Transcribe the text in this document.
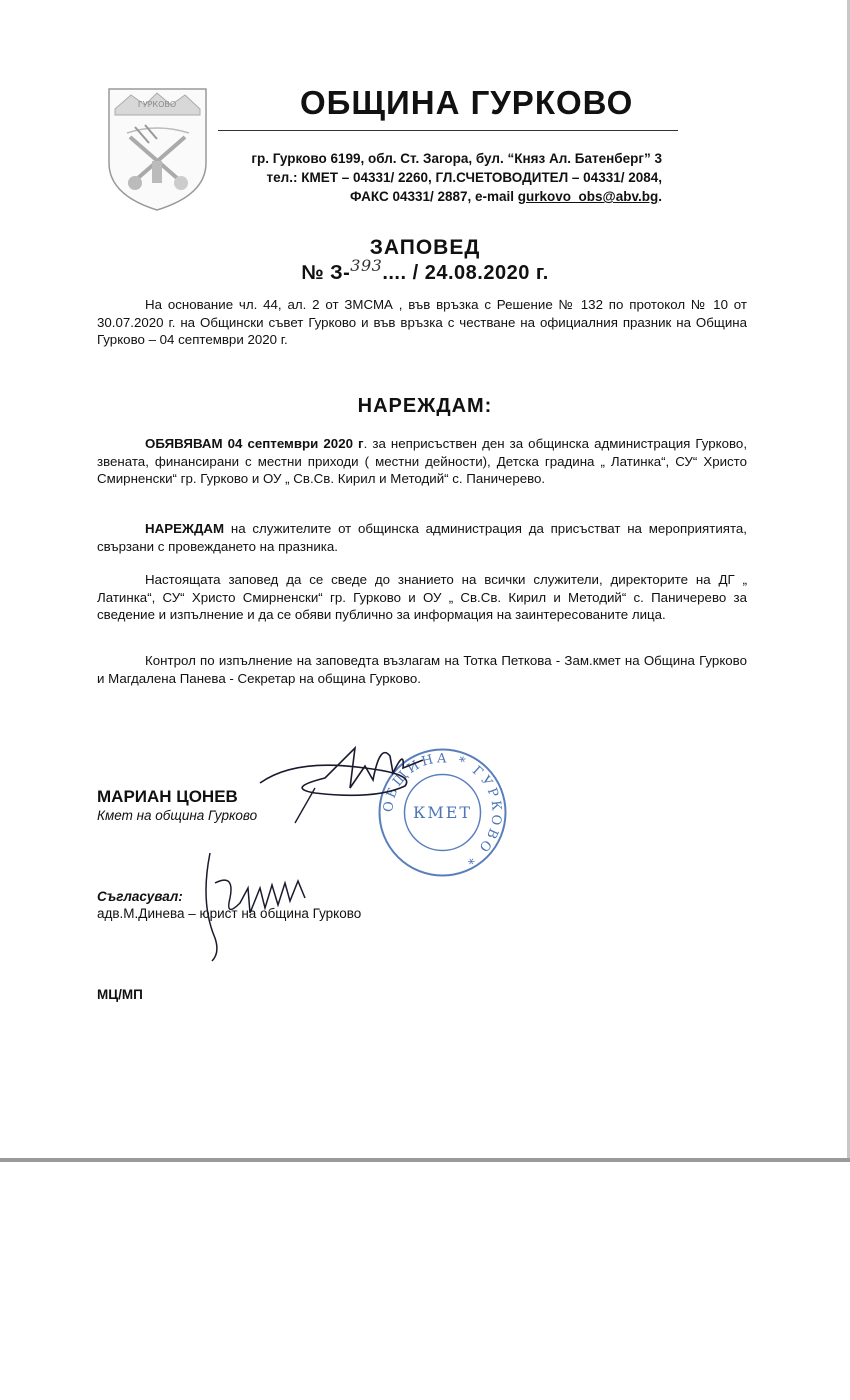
ГУРКОВО	ОБЩИНА ГУРКОВО
гр. Гурково 6199, обл. Ст. Загора, бул. “Княз Ал. Батенберг” 3
тел.: КМЕТ – 04331/ 2260, ГЛ.СЧЕТОВОДИТЕЛ – 04331/ 2084,
ФАКС 04331/ 2887, e-mail gurkovo_obs@abv.bg.
ЗАПОВЕД
№ З-$^{393}$.... / 24.08.2020 г.
На основание чл. 44, ал. 2 от ЗМСМА , във връзка с Решение № 132 по протокол № 10 от 30.07.2020 г. на Общински съвет Гурково и във връзка с честване на официалния празник на Община Гурково – 04 септември 2020 г.
НАРЕЖДАМ:
ОБЯВЯВАМ 04 септември 2020 г. за неприсъствен ден за общинска администрация Гурково, звената, финансирани с местни приходи ( местни дейности), Детска градина „ Латинка“, СУ“ Христо Смирненски“ гр. Гурково и ОУ „ Св.Св. Кирил и Методий“ с. Паничерево.
НАРЕЖДАМ на служителите от общинска администрация да присъстват на мероприятията, свързани с провеждането на празника.
Настоящата заповед да се сведе до знанието на всички служители, директорите на ДГ „ Латинка“, СУ“ Христо Смирненски“ гр. Гурково и ОУ „ Св.Св. Кирил и Методий“ с. Паничерево за сведение и изпълнение и да се обяви публично за информация на заинтересованите лица.
Контрол по изпълнение на заповедта възлагам на Тотка Петкова - Зам.кмет на Община Гурково и Магдалена Панева - Секретар на община Гурково.
ОБЩИНА * ГУРКОВО *
КМЕТ
МАРИАН ЦОНЕВ
Кмет на община Гурково
Съгласувал:
адв.М.Динева – юрист на община Гурково
МЦ/МП
